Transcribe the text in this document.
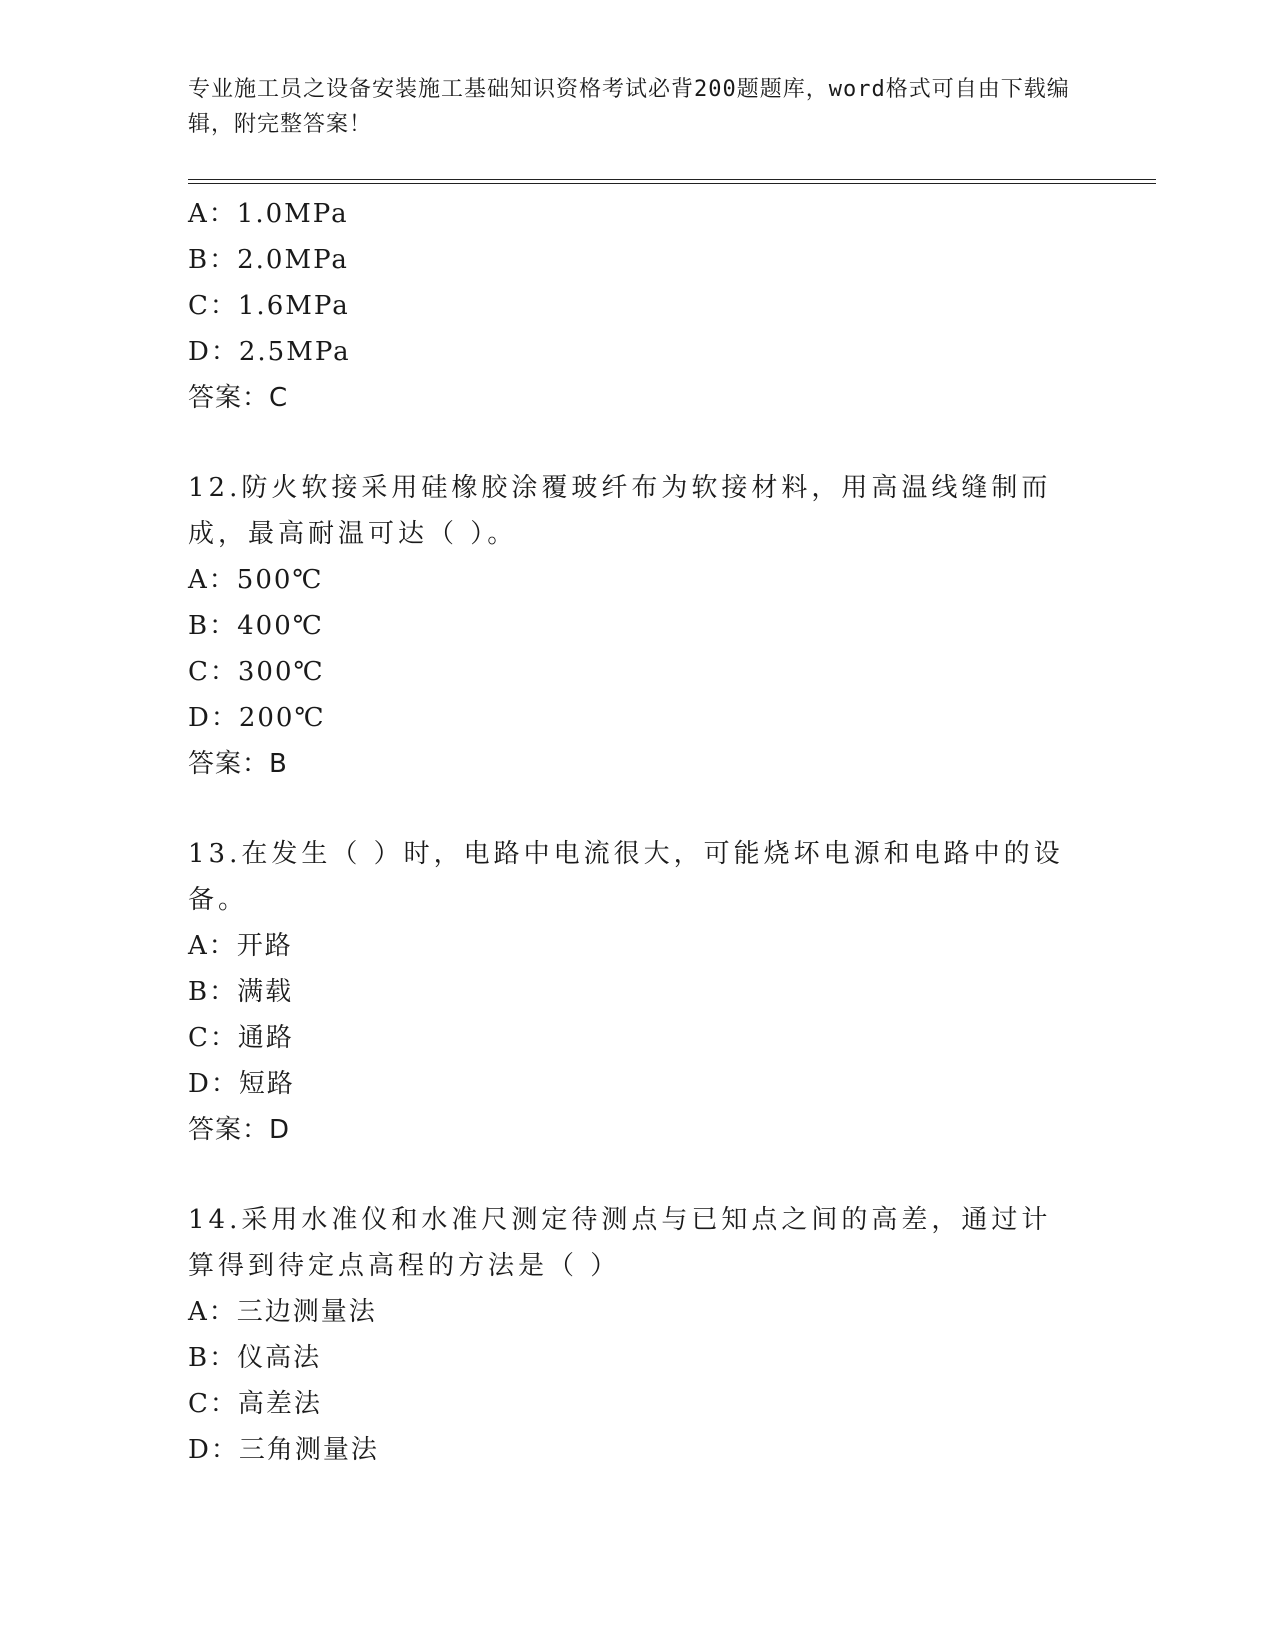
专业施工员之设备安装施工基础知识资格考试必背200题题库，word格式可自由下载编辑，附完整答案！
A：1.0MPa
B：2.0MPa
C：1.6MPa
D：2.5MPa
答案：C
12.防火软接采用硅橡胶涂覆玻纤布为软接材料，用高温线缝制而成，最高耐温可达（ ）。
A：500℃
B：400℃
C：300℃
D：200℃
答案：B
13.在发生（ ）时，电路中电流很大，可能烧坏电源和电路中的设备。
A：开路
B：满载
C：通路
D：短路
答案：D
14.采用水准仪和水准尺测定待测点与已知点之间的高差，通过计算得到待定点高程的方法是（ ）
A：三边测量法
B：仪高法
C：高差法
D：三角测量法
